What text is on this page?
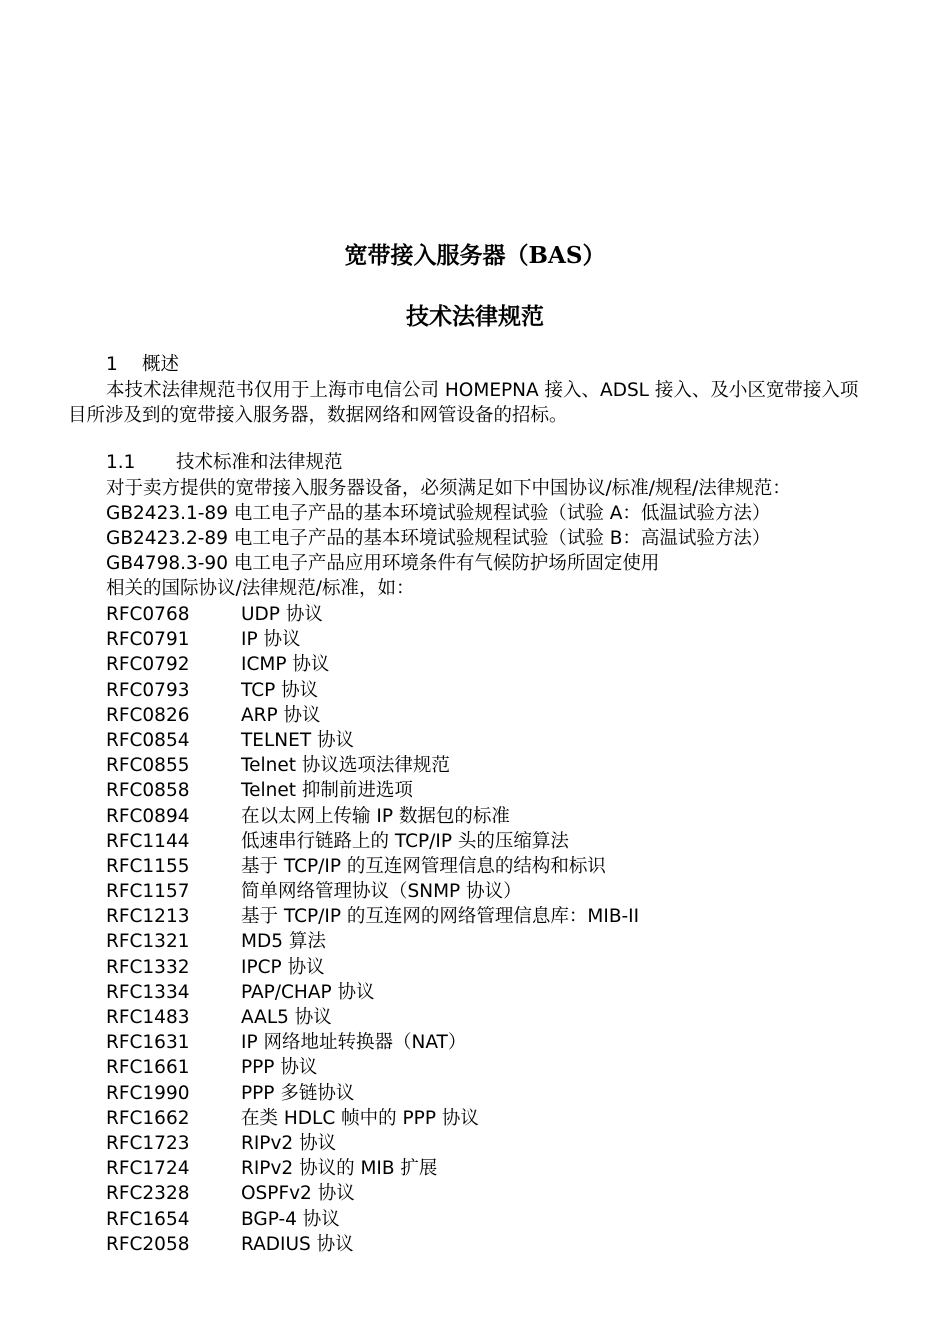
宽带接入服务器（BAS）
技术法律规范
1 概述
本技术法律规范书仅用于上海市电信公司 HOMEPNA 接入、ADSL 接入、及小区宽带接入项
目所涉及到的宽带接入服务器，数据网络和网管设备的招标。
1.1 技术标准和法律规范
对于卖方提供的宽带接入服务器设备，必须满足如下中国协议/标准/规程/法律规范：
GB2423.1-89 电工电子产品的基本环境试验规程试验（试验 A：低温试验方法）
GB2423.2-89 电工电子产品的基本环境试验规程试验（试验 B：高温试验方法）
GB4798.3-90 电工电子产品应用环境条件有气候防护场所固定使用
相关的国际协议/法律规范/标准，如：
RFC0768	UDP 协议
RFC0791	IP 协议
RFC0792	ICMP 协议
RFC0793	TCP 协议
RFC0826	ARP 协议
RFC0854	TELNET 协议
RFC0855	Telnet 协议选项法律规范
RFC0858	Telnet 抑制前进选项
RFC0894	在以太网上传输 IP 数据包的标准
RFC1144	低速串行链路上的 TCP/IP 头的压缩算法
RFC1155	基于 TCP/IP 的互连网管理信息的结构和标识
RFC1157	简单网络管理协议（SNMP 协议）
RFC1213	基于 TCP/IP 的互连网的网络管理信息库：MIB-II
RFC1321	MD5 算法
RFC1332	IPCP 协议
RFC1334	PAP/CHAP 协议
RFC1483	AAL5 协议
RFC1631	IP 网络地址转换器（NAT）
RFC1661	PPP 协议
RFC1990	PPP 多链协议
RFC1662	在类 HDLC 帧中的 PPP 协议
RFC1723	RIPv2 协议
RFC1724	RIPv2 协议的 MIB 扩展
RFC2328	OSPFv2 协议
RFC1654	BGP-4 协议
RFC2058	RADIUS 协议
